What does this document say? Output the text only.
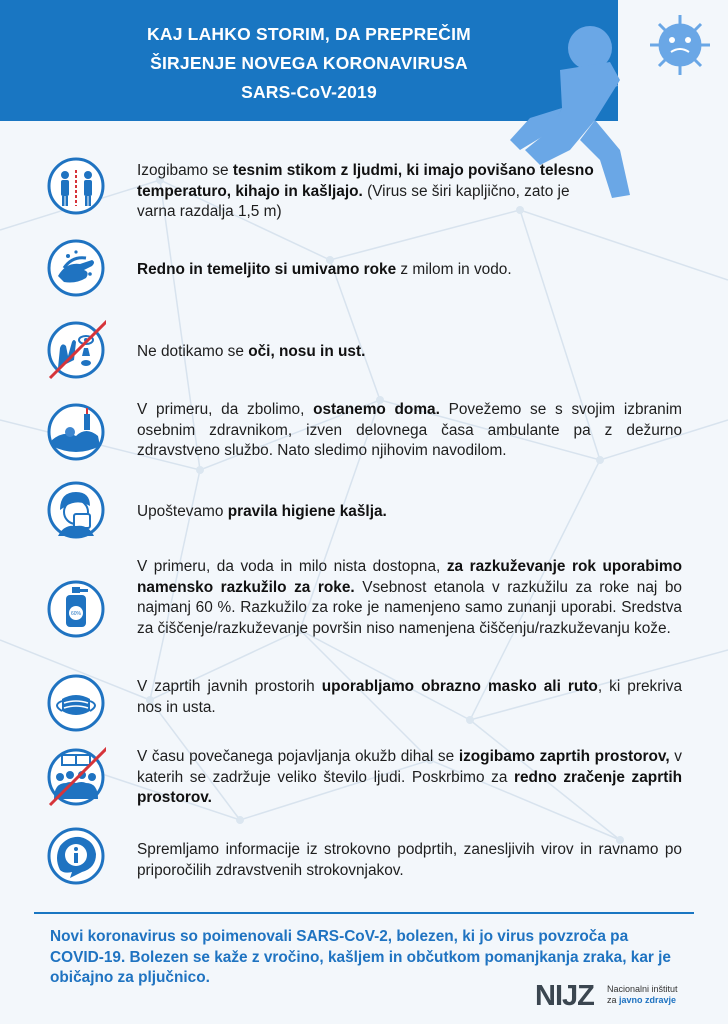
KAJ LAHKO STORIM, DA PREPREČIM
ŠIRJENJE NOVEGA KORONAVIRUSA
SARS-CoV-2019
Izogibamo se tesnim stikom z ljudmi, ki imajo povišano telesno temperaturo, kihajo in kašljajo. (Virus se širi kapljično, zato je varna razdalja 1,5 m)
Redno in temeljito si umivamo roke z milom in vodo.
Ne dotikamo se oči, nosu in ust.
V primeru, da zbolimo, ostanemo doma. Povežemo se s svojim izbranim osebnim zdravnikom, izven delovnega časa ambulante pa z dežurno zdravstveno službo. Nato sledimo njihovim navodilom.
Upoštevamo pravila higiene kašlja.
60%
V primeru, da voda in milo nista dostopna, za razkuževanje rok uporabimo namensko razkužilo za roke. Vsebnost etanola v razkužilu za roke naj bo najmanj 60 %. Razkužilo za roke je namenjeno samo zunanji uporabi. Sredstva za čiščenje/razkuževanje površin niso namenjena čiščenju/razkuževanju kože.
V zaprtih javnih prostorih uporabljamo obrazno masko ali ruto, ki prekriva nos in usta.
V času povečanega pojavljanja okužb dihal se izogibamo zaprtih prostorov, v katerih se zadržuje veliko število ljudi. Poskrbimo za redno zračenje zaprtih prostorov.
Spremljamo informacije iz strokovno podprtih, zanesljivih virov in ravnamo po priporočilih zdravstvenih strokovnjakov.
Novi koronavirus so poimenovali SARS-CoV-2, bolezen, ki jo virus povzroča pa COVID-19. Bolezen se kaže z vročino, kašljem in občutkom pomanjkanja zraka, kar je običajno za pljučnico.
NIJZ Nacionalni inštitut
za javno zdravje
